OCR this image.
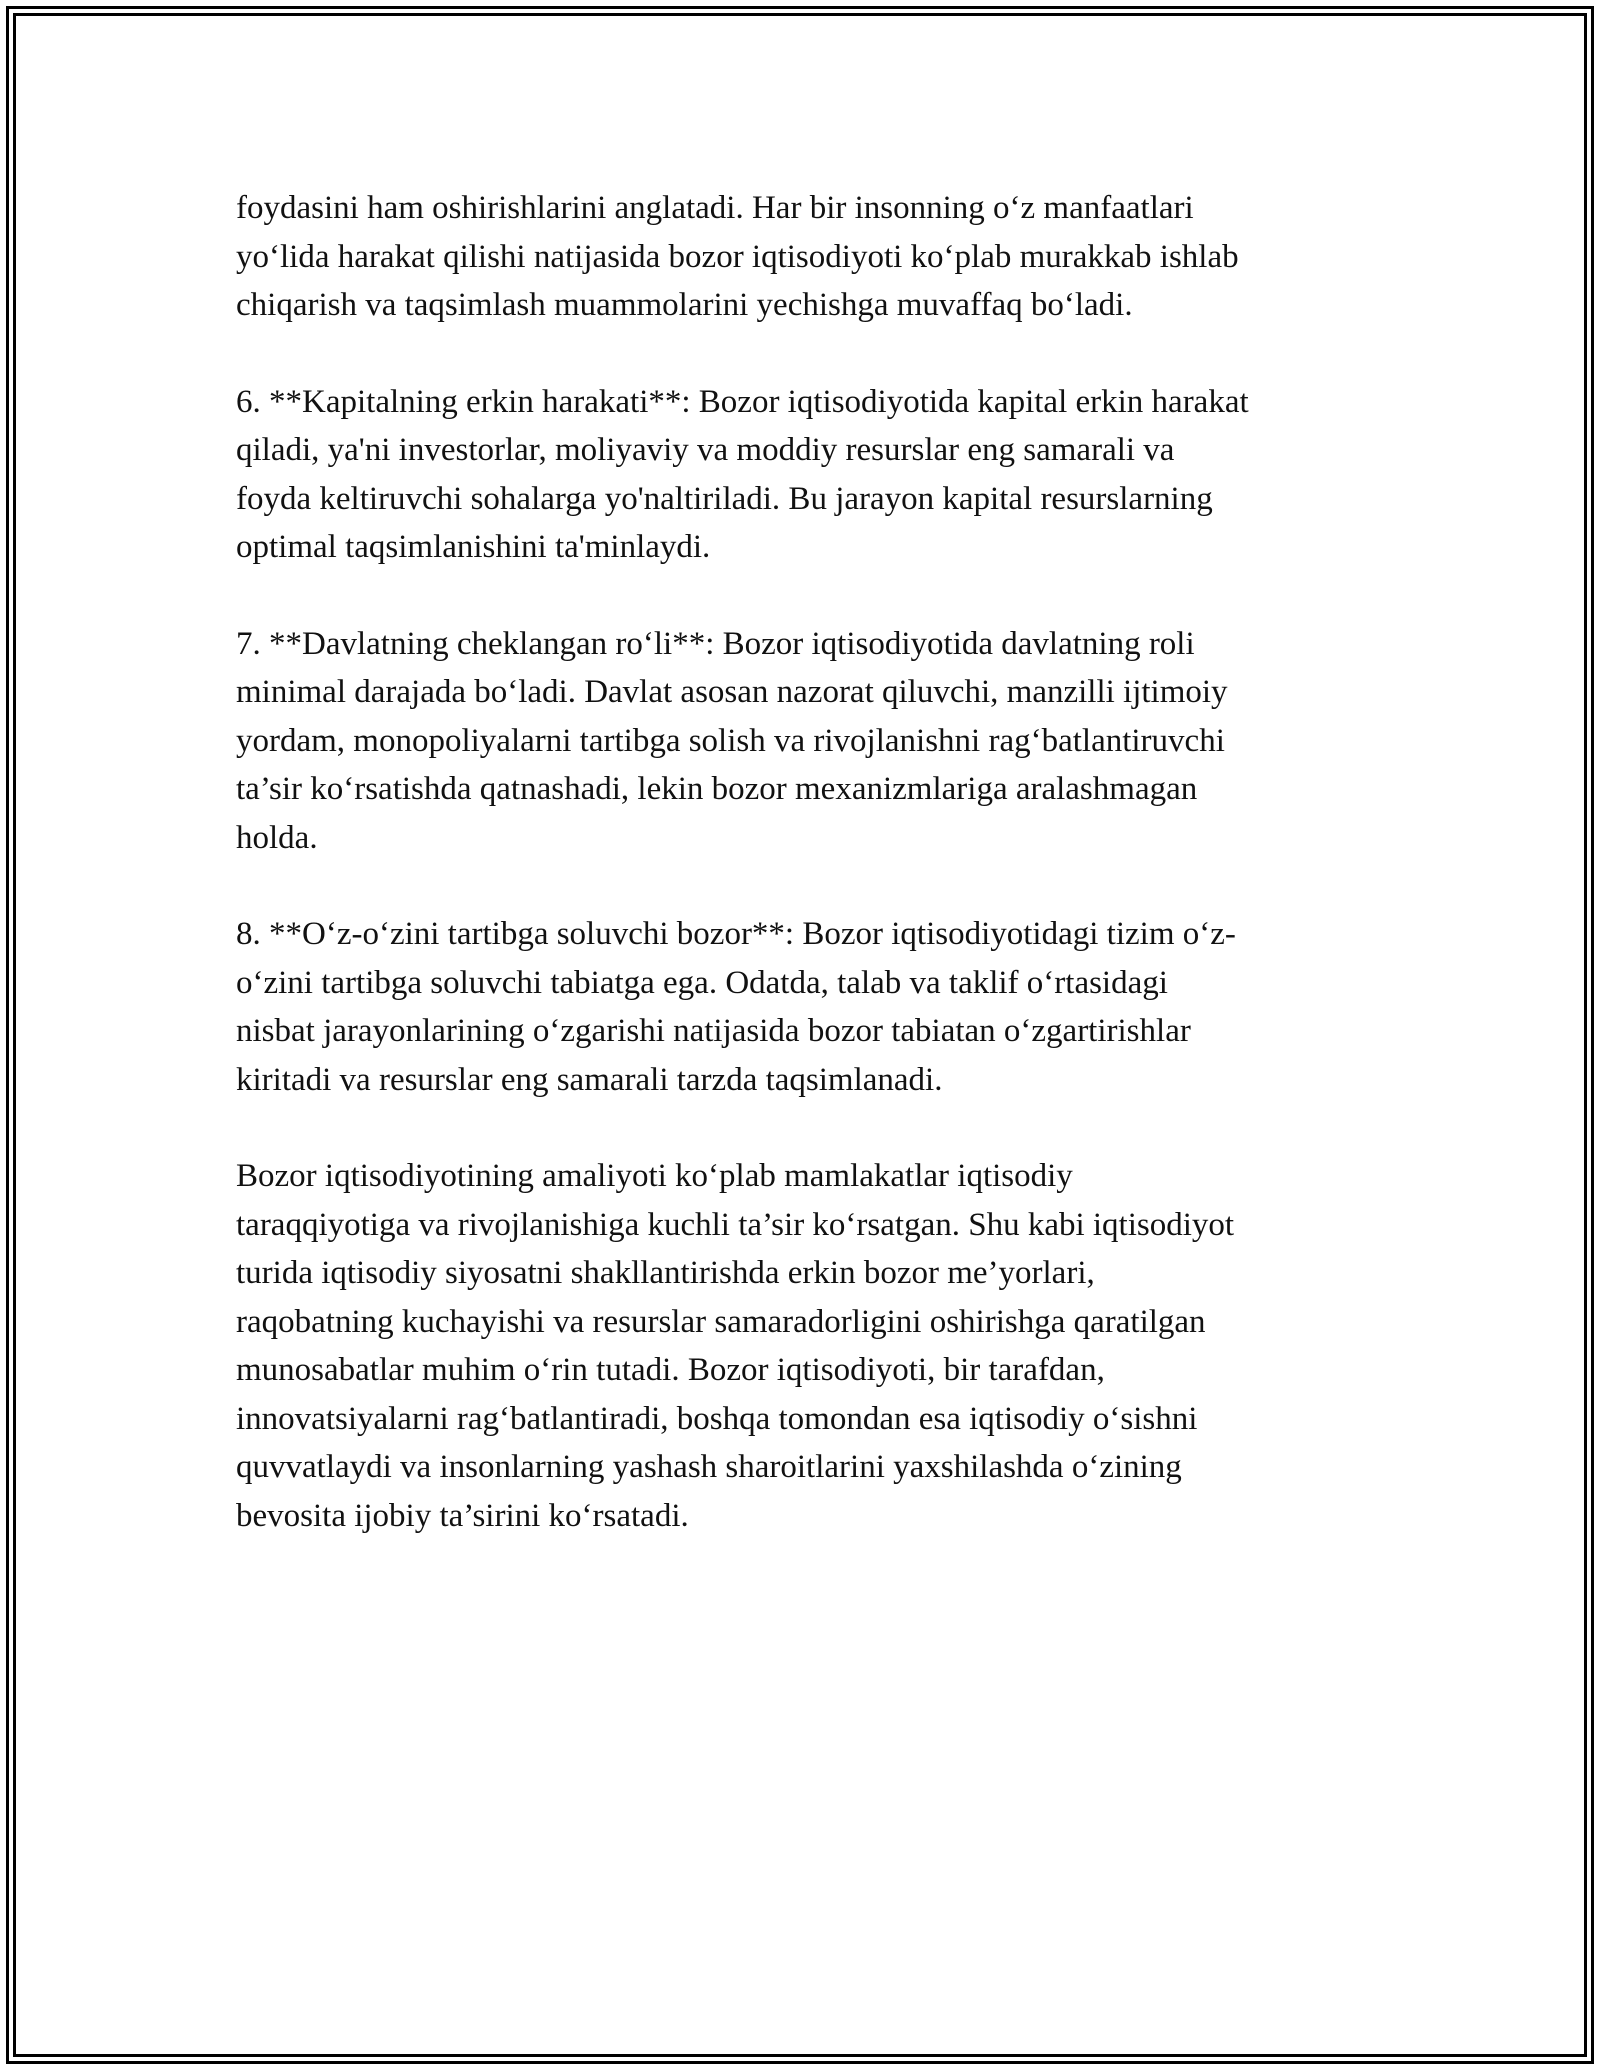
foydasini ham oshirishlarini anglatadi. Har bir insonning o‘z manfaatlari
yo‘lida harakat qilishi natijasida bozor iqtisodiyoti ko‘plab murakkab ishlab
chiqarish va taqsimlash muammolarini yechishga muvaffaq bo‘ladi.

6. **Kapitalning erkin harakati**: Bozor iqtisodiyotida kapital erkin harakat
qiladi, ya'ni investorlar, moliyaviy va moddiy resurslar eng samarali va
foyda keltiruvchi sohalarga yo'naltiriladi. Bu jarayon kapital resurslarning
optimal taqsimlanishini ta'minlaydi.

7. **Davlatning cheklangan ro‘li**: Bozor iqtisodiyotida davlatning roli
minimal darajada bo‘ladi. Davlat asosan nazorat qiluvchi, manzilli ijtimoiy
yordam, monopoliyalarni tartibga solish va rivojlanishni rag‘batlantiruvchi
ta’sir ko‘rsatishda qatnashadi, lekin bozor mexanizmlariga aralashmagan
holda.

8. **O‘z-o‘zini tartibga soluvchi bozor**: Bozor iqtisodiyotidagi tizim o‘z-
o‘zini tartibga soluvchi tabiatga ega. Odatda, talab va taklif o‘rtasidagi
nisbat jarayonlarining o‘zgarishi natijasida bozor tabiatan o‘zgartirishlar
kiritadi va resurslar eng samarali tarzda taqsimlanadi.

Bozor iqtisodiyotining amaliyoti ko‘plab mamlakatlar iqtisodiy
taraqqiyotiga va rivojlanishiga kuchli ta’sir ko‘rsatgan. Shu kabi iqtisodiyot
turida iqtisodiy siyosatni shakllantirishda erkin bozor me’yorlari,
raqobatning kuchayishi va resurslar samaradorligini oshirishga qaratilgan
munosabatlar muhim o‘rin tutadi. Bozor iqtisodiyoti, bir tarafdan,
innovatsiyalarni rag‘batlantiradi, boshqa tomondan esa iqtisodiy o‘sishni
quvvatlaydi va insonlarning yashash sharoitlarini yaxshilashda o‘zining
bevosita ijobiy ta’sirini ko‘rsatadi.
